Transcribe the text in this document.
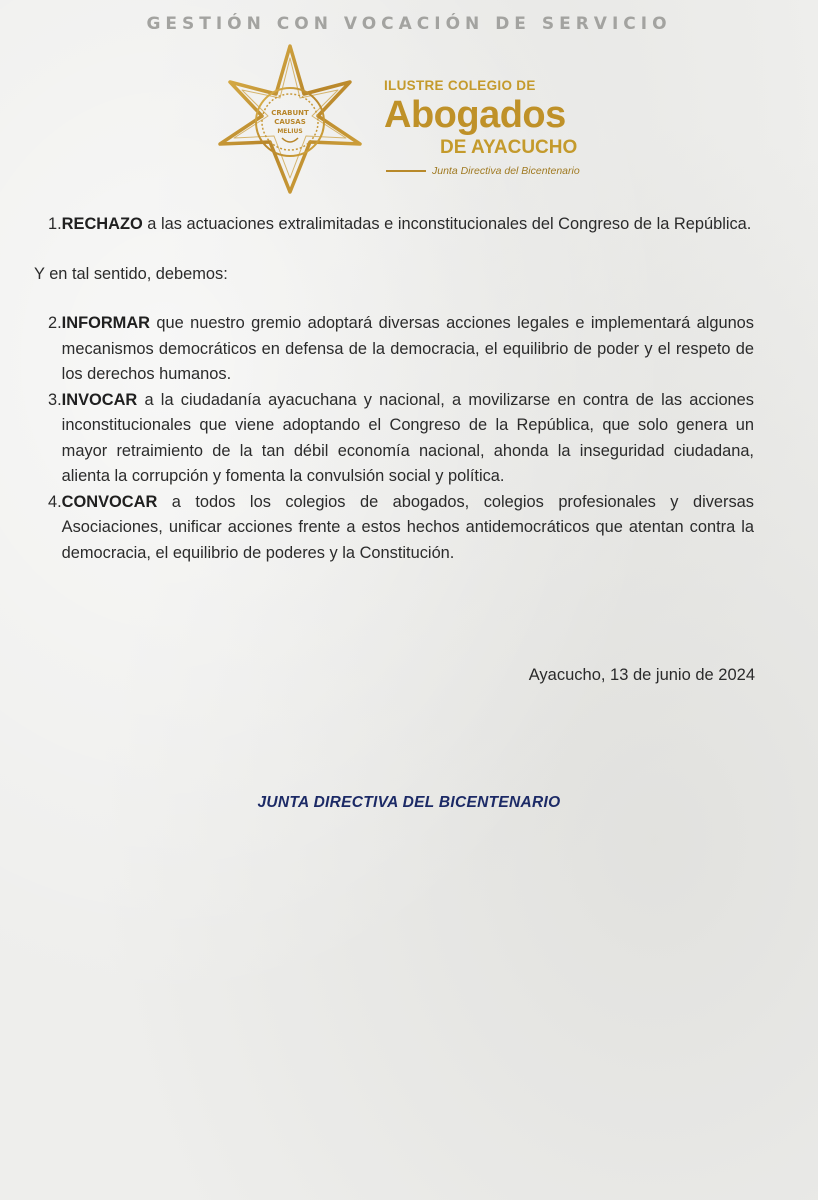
GESTIÓN CON VOCACIÓN DE SERVICIO
CRABUNT
CAUSAS
MELIUS
ILUSTRE COLEGIO DE
Abogados
DE AYACUCHO
Junta Directiva del Bicentenario
1. RECHAZO a las actuaciones extralimitadas e inconstitucionales del Congreso de la República.
Y en tal sentido, debemos:
2. INFORMAR que nuestro gremio adoptará diversas acciones legales e implementará algunos mecanismos democráticos en defensa de la democracia, el equilibrio de poder y el respeto de los derechos humanos.
3. INVOCAR a la ciudadanía ayacuchana y nacional, a movilizarse en contra de las acciones inconstitucionales que viene adoptando el Congreso de la República, que solo genera un mayor retraimiento de la tan débil economía nacional, ahonda la inseguridad ciudadana, alienta la corrupción y fomenta la convulsión social y política.
4. CONVOCAR a todos los colegios de abogados, colegios profesionales y diversas Asociaciones, unificar acciones frente a estos hechos antidemocráticos que atentan contra la democracia, el equilibrio de poderes y la Constitución.
Ayacucho, 13 de junio de 2024
JUNTA DIRECTIVA DEL BICENTENARIO
